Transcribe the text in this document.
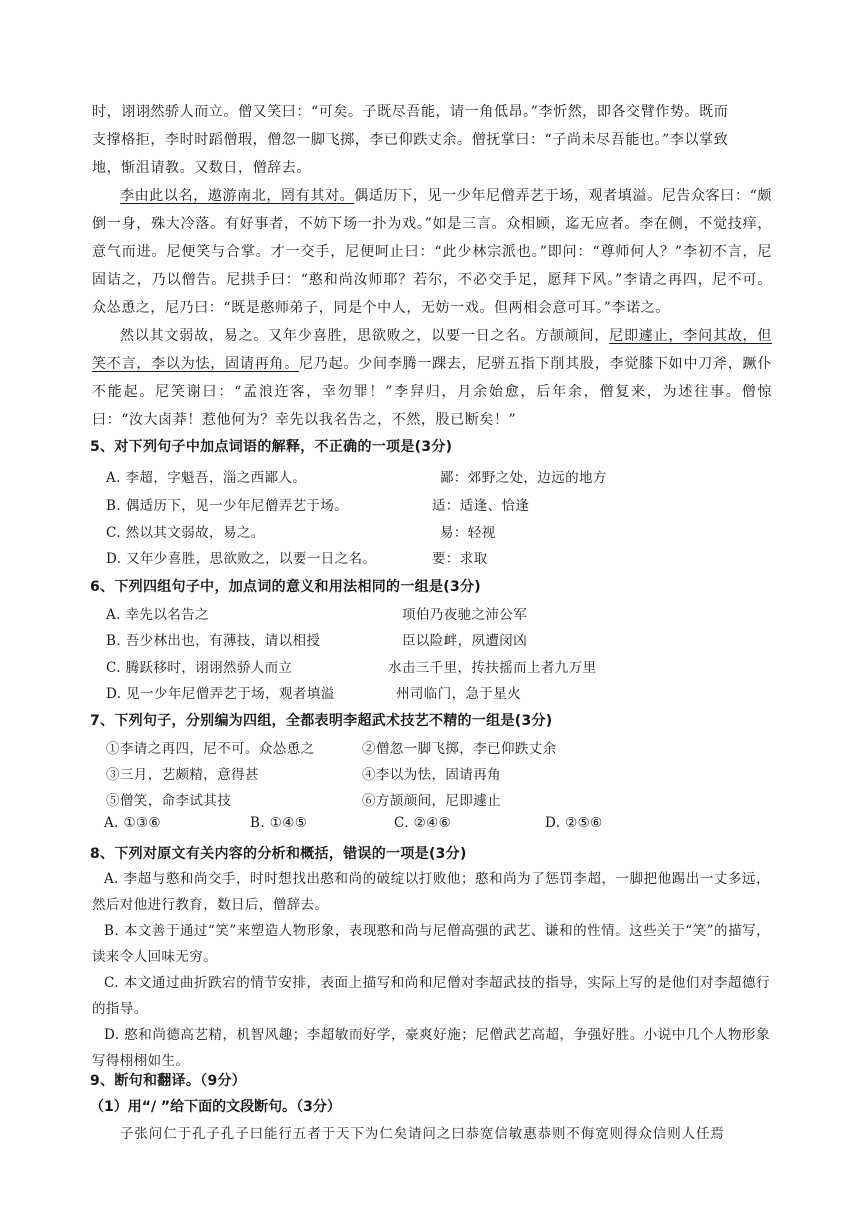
时，诩诩然骄人而立。僧又笑曰：“可矣。子既尽吾能，请一角低昂。”李忻然，即各交臂作势。既而

支撑格拒，李时时蹈僧瑕，僧忽一脚飞掷，李已仰跌丈余。僧抚掌曰：“子尚未尽吾能也。”李以掌致

地，惭沮请教。又数日，僧辞去。

李由此以名，遨游南北，罔有其对。偶适历下，见一少年尼僧弄艺于场，观者填溢。尼告众客曰：“颇倒一身，殊大冷落。有好事者，不妨下场一扑为戏。”如是三言。众相顾，迄无应者。李在侧，不觉技痒，意气而进。尼便笑与合掌。才一交手，尼便呵止曰：“此少林宗派也。”即问：“尊师何人？”李初不言，尼固诘之，乃以僧告。尼拱手曰：“憨和尚汝师耶？若尔，不必交手足，愿拜下风。”李请之再四，尼不可。众怂恿之，尼乃曰：“既是憨师弟子，同是个中人，无妨一戏。但两相会意可耳。”李诺之。

然以其文弱故，易之。又年少喜胜，思欲败之，以要一日之名。方颉颃间，尼即遽止，李问其故，但笑不言，李以为怯，固请再角。尼乃起。少间李腾一踝去，尼骈五指下削其股，李觉膝下如中刀斧，蹶仆不能起。尼笑谢曰：“孟浪迕客，幸勿罪！”李舁归，月余始愈，后年余，僧复来，为述往事。僧惊曰：“汝大卤莽！惹他何为？幸先以我名告之，不然，股已断矣！”

5、对下列句子中加点词语的解释，不正确的一项是(3分)
A. 李超，字魁吾，淄之西鄙人。	鄙：郊野之处，边远的地方
B. 偶适历下，见一少年尼僧弄艺于场。	适：适逢、恰逢
C. 然以其文弱故，易之。	易：轻视
D. 又年少喜胜，思欲败之，以要一日之名。	要：求取
6、下列四组句子中，加点词的意义和用法相同的一组是(3分)
A. 幸先以名告之	项伯乃夜驰之沛公军
B. 吾少林出也，有薄技，请以相授	臣以险衅，夙遭闵凶
C. 腾跃移时，诩诩然骄人而立	水击三千里，抟扶摇而上者九万里
D. 见一少年尼僧弄艺于场，观者填溢	州司临门，急于星火
7、下列句子，分别编为四组，全都表明李超武术技艺不精的一组是(3分)
①李请之再四，尼不可。众怂恿之	②僧忽一脚飞掷，李已仰跌丈余
③三月，艺颇精，意得甚	④李以为怯，固请再角
⑤僧笑，命李试其技	⑥方颉颃间，尼即遽止
A. ①③⑥	B. ①④⑤	C. ②④⑥	D. ②⑤⑥
8、下列对原文有关内容的分析和概括，错误的一项是(3分)

A. 李超与憨和尚交手，时时想找出憨和尚的破绽以打败他；憨和尚为了惩罚李超，一脚把他踢出一丈多远，然后对他进行教育，数日后，僧辞去。

B. 本文善于通过“笑”来塑造人物形象，表现憨和尚与尼僧高强的武艺、谦和的性情。这些关于“笑”的描写，读来令人回味无穷。

C. 本文通过曲折跌宕的情节安排，表面上描写和尚和尼僧对李超武技的指导，实际上写的是他们对李超德行的指导。

D. 憨和尚德高艺精，机智风趣；李超敏而好学，豪爽好施；尼僧武艺高超，争强好胜。小说中几个人物形象写得栩栩如生。

9、断句和翻译。（9分）
（1）用“/ ”给下面的文段断句。（3分）
子张问仁于孔子孔子曰能行五者于天下为仁矣请问之曰恭宽信敏惠恭则不侮宽则得众信则人任焉
